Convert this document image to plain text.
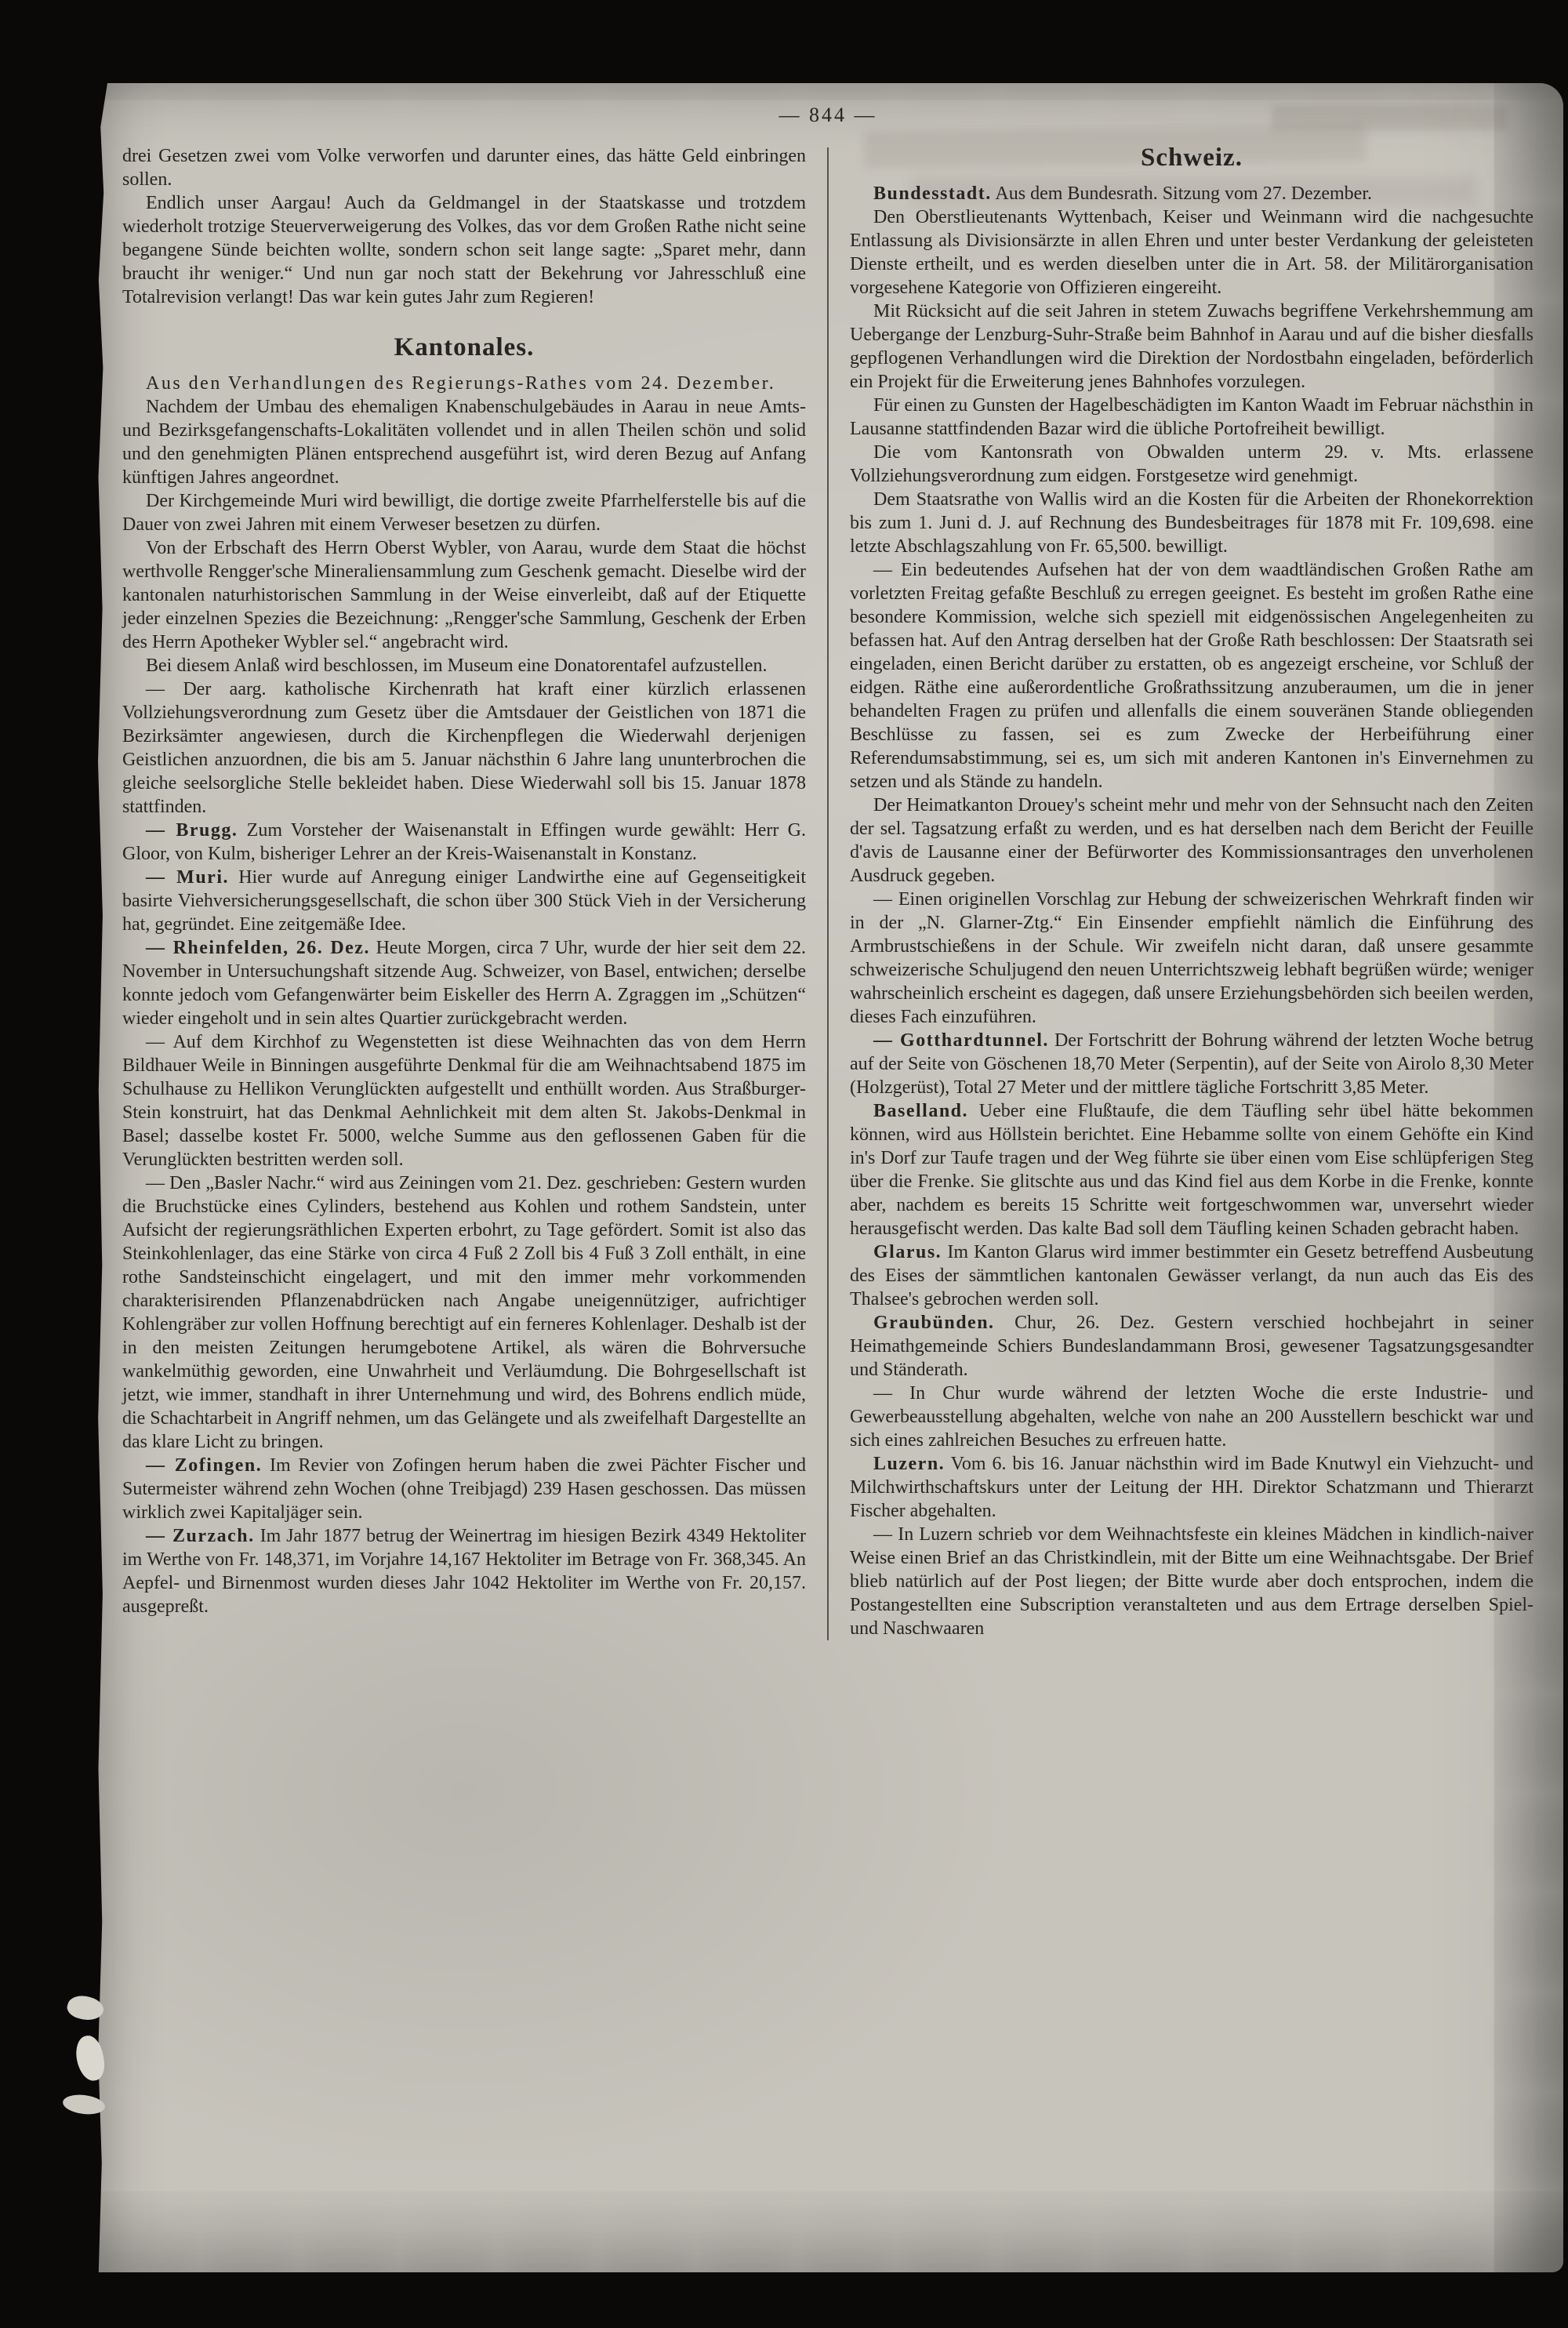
— 844 —

drei Gesetzen zwei vom Volke verworfen und darunter eines, das hätte Geld einbringen sollen.

Endlich unser Aargau! Auch da Geldmangel in der Staatskasse und trotzdem wiederholt trotzige Steuerverweigerung des Volkes, das vor dem Großen Rathe nicht seine begangene Sünde beichten wollte, sondern schon seit lange sagte: „Sparet mehr, dann braucht ihr weniger.“ Und nun gar noch statt der Bekehrung vor Jahresschluß eine Totalrevision verlangt! Das war kein gutes Jahr zum Regieren!

Kantonales.

Aus den Verhandlungen des Regierungs-Rathes vom 24. Dezember.

Nachdem der Umbau des ehemaligen Knabenschulgebäudes in Aarau in neue Amts- und Bezirksgefangenschafts-Lokalitäten vollendet und in allen Theilen schön und solid und den genehmigten Plänen entsprechend ausgeführt ist, wird deren Bezug auf Anfang künftigen Jahres angeordnet.

Der Kirchgemeinde Muri wird bewilligt, die dortige zweite Pfarrhelferstelle bis auf die Dauer von zwei Jahren mit einem Verweser besetzen zu dürfen.

Von der Erbschaft des Herrn Oberst Wybler, von Aarau, wurde dem Staat die höchst werthvolle Rengger'sche Mineraliensammlung zum Geschenk gemacht. Dieselbe wird der kantonalen naturhistorischen Sammlung in der Weise einverleibt, daß auf der Etiquette jeder einzelnen Spezies die Bezeichnung: „Rengger'sche Sammlung, Geschenk der Erben des Herrn Apotheker Wybler sel.“ angebracht wird.

Bei diesem Anlaß wird beschlossen, im Museum eine Donatorentafel aufzustellen.

— Der aarg. katholische Kirchenrath hat kraft einer kürzlich erlassenen Vollziehungsverordnung zum Gesetz über die Amtsdauer der Geistlichen von 1871 die Bezirksämter angewiesen, durch die Kirchenpflegen die Wiederwahl derjenigen Geistlichen anzuordnen, die bis am 5. Januar nächsthin 6 Jahre lang ununterbrochen die gleiche seelsorgliche Stelle bekleidet haben. Diese Wiederwahl soll bis 15. Januar 1878 stattfinden.

— Brugg. Zum Vorsteher der Waisenanstalt in Effingen wurde gewählt: Herr G. Gloor, von Kulm, bisheriger Lehrer an der Kreis-Waisenanstalt in Konstanz.

— Muri. Hier wurde auf Anregung einiger Landwirthe eine auf Gegenseitigkeit basirte Viehversicherungsgesellschaft, die schon über 300 Stück Vieh in der Versicherung hat, gegründet. Eine zeitgemäße Idee.

— Rheinfelden, 26. Dez. Heute Morgen, circa 7 Uhr, wurde der hier seit dem 22. November in Untersuchungshaft sitzende Aug. Schweizer, von Basel, entwichen; derselbe konnte jedoch vom Gefangenwärter beim Eiskeller des Herrn A. Zgraggen im „Schützen“ wieder eingeholt und in sein altes Quartier zurückgebracht werden.

— Auf dem Kirchhof zu Wegenstetten ist diese Weihnachten das von dem Herrn Bildhauer Weile in Binningen ausgeführte Denkmal für die am Weihnachtsabend 1875 im Schulhause zu Hellikon Verunglückten aufgestellt und enthüllt worden. Aus Straßburger-Stein konstruirt, hat das Denkmal Aehnlichkeit mit dem alten St. Jakobs-Denkmal in Basel; dasselbe kostet Fr. 5000, welche Summe aus den geflossenen Gaben für die Verunglückten bestritten werden soll.

— Den „Basler Nachr.“ wird aus Zeiningen vom 21. Dez. geschrieben: Gestern wurden die Bruchstücke eines Cylinders, bestehend aus Kohlen und rothem Sandstein, unter Aufsicht der regierungsräthlichen Experten erbohrt, zu Tage gefördert. Somit ist also das Steinkohlenlager, das eine Stärke von circa 4 Fuß 2 Zoll bis 4 Fuß 3 Zoll enthält, in eine rothe Sandsteinschicht eingelagert, und mit den immer mehr vorkommenden charakterisirenden Pflanzenabdrücken nach Angabe uneigennütziger, aufrichtiger Kohlengräber zur vollen Hoffnung berechtigt auf ein ferneres Kohlenlager. Deshalb ist der in den meisten Zeitungen herumgebotene Artikel, als wären die Bohrversuche wankelmüthig geworden, eine Unwahrheit und Verläumdung. Die Bohrgesellschaft ist jetzt, wie immer, standhaft in ihrer Unternehmung und wird, des Bohrens endlich müde, die Schachtarbeit in Angriff nehmen, um das Gelängete und als zweifelhaft Dargestellte an das klare Licht zu bringen.

— Zofingen. Im Revier von Zofingen herum haben die zwei Pächter Fischer und Sutermeister während zehn Wochen (ohne Treibjagd) 239 Hasen geschossen. Das müssen wirklich zwei Kapitaljäger sein.

— Zurzach. Im Jahr 1877 betrug der Weinertrag im hiesigen Bezirk 4349 Hektoliter im Werthe von Fr. 148,371, im Vorjahre 14,167 Hektoliter im Betrage von Fr. 368,345. An Aepfel- und Birnenmost wurden dieses Jahr 1042 Hektoliter im Werthe von Fr. 20,157. ausgepreßt.

Schweiz.

Bundesstadt. Aus dem Bundesrath. Sitzung vom 27. Dezember.

Den Oberstlieutenants Wyttenbach, Keiser und Weinmann wird die nachgesuchte Entlassung als Divisionsärzte in allen Ehren und unter bester Verdankung der geleisteten Dienste ertheilt, und es werden dieselben unter die in Art. 58. der Militärorganisation vorgesehene Kategorie von Offizieren eingereiht.

Mit Rücksicht auf die seit Jahren in stetem Zuwachs begriffene Verkehrshemmung am Uebergange der Lenzburg-Suhr-Straße beim Bahnhof in Aarau und auf die bisher diesfalls gepflogenen Verhandlungen wird die Direktion der Nordostbahn eingeladen, beförderlich ein Projekt für die Erweiterung jenes Bahnhofes vorzulegen.

Für einen zu Gunsten der Hagelbeschädigten im Kanton Waadt im Februar nächsthin in Lausanne stattfindenden Bazar wird die übliche Portofreiheit bewilligt.

Die vom Kantonsrath von Obwalden unterm 29. v. Mts. erlassene Vollziehungsverordnung zum eidgen. Forstgesetze wird genehmigt.

Dem Staatsrathe von Wallis wird an die Kosten für die Arbeiten der Rhonekorrektion bis zum 1. Juni d. J. auf Rechnung des Bundesbeitrages für 1878 mit Fr. 109,698. eine letzte Abschlagszahlung von Fr. 65,500. bewilligt.

— Ein bedeutendes Aufsehen hat der von dem waadtländischen Großen Rathe am vorletzten Freitag gefaßte Beschluß zu erregen geeignet. Es besteht im großen Rathe eine besondere Kommission, welche sich speziell mit eidgenössischen Angelegenheiten zu befassen hat. Auf den Antrag derselben hat der Große Rath beschlossen: Der Staatsrath sei eingeladen, einen Bericht darüber zu erstatten, ob es angezeigt erscheine, vor Schluß der eidgen. Räthe eine außerordentliche Großrathssitzung anzuberaumen, um die in jener behandelten Fragen zu prüfen und allenfalls die einem souveränen Stande obliegenden Beschlüsse zu fassen, sei es zum Zwecke der Herbeiführung einer Referendumsabstimmung, sei es, um sich mit anderen Kantonen in's Einvernehmen zu setzen und als Stände zu handeln.

Der Heimatkanton Drouey's scheint mehr und mehr von der Sehnsucht nach den Zeiten der sel. Tagsatzung erfaßt zu werden, und es hat derselben nach dem Bericht der Feuille d'avis de Lausanne einer der Befürworter des Kommissionsantrages den unverholenen Ausdruck gegeben.

— Einen originellen Vorschlag zur Hebung der schweizerischen Wehrkraft finden wir in der „N. Glarner-Ztg.“ Ein Einsender empfiehlt nämlich die Einführung des Armbrustschießens in der Schule. Wir zweifeln nicht daran, daß unsere gesammte schweizerische Schuljugend den neuen Unterrichtszweig lebhaft begrüßen würde; weniger wahrscheinlich erscheint es dagegen, daß unsere Erziehungsbehörden sich beeilen werden, dieses Fach einzuführen.

— Gotthardtunnel. Der Fortschritt der Bohrung während der letzten Woche betrug auf der Seite von Göschenen 18,70 Meter (Serpentin), auf der Seite von Airolo 8,30 Meter (Holzgerüst), Total 27 Meter und der mittlere tägliche Fortschritt 3,85 Meter.

Baselland. Ueber eine Flußtaufe, die dem Täufling sehr übel hätte bekommen können, wird aus Höllstein berichtet. Eine Hebamme sollte von einem Gehöfte ein Kind in's Dorf zur Taufe tragen und der Weg führte sie über einen vom Eise schlüpferigen Steg über die Frenke. Sie glitschte aus und das Kind fiel aus dem Korbe in die Frenke, konnte aber, nachdem es bereits 15 Schritte weit fortgeschwommen war, unversehrt wieder herausgefischt werden. Das kalte Bad soll dem Täufling keinen Schaden gebracht haben.

Glarus. Im Kanton Glarus wird immer bestimmter ein Gesetz betreffend Ausbeutung des Eises der sämmtlichen kantonalen Gewässer verlangt, da nun auch das Eis des Thalsee's gebrochen werden soll.

Graubünden. Chur, 26. Dez. Gestern verschied hochbejahrt in seiner Heimathgemeinde Schiers Bundeslandammann Brosi, gewesener Tagsatzungsgesandter und Ständerath.

— In Chur wurde während der letzten Woche die erste Industrie- und Gewerbeausstellung abgehalten, welche von nahe an 200 Ausstellern beschickt war und sich eines zahlreichen Besuches zu erfreuen hatte.

Luzern. Vom 6. bis 16. Januar nächsthin wird im Bade Knutwyl ein Viehzucht- und Milchwirthschaftskurs unter der Leitung der HH. Direktor Schatzmann und Thierarzt Fischer abgehalten.

— In Luzern schrieb vor dem Weihnachtsfeste ein kleines Mädchen in kindlich-naiver Weise einen Brief an das Christkindlein, mit der Bitte um eine Weihnachtsgabe. Der Brief blieb natürlich auf der Post liegen; der Bitte wurde aber doch entsprochen, indem die Postangestellten eine Subscription veranstalteten und aus dem Ertrage derselben Spiel- und Naschwaaren
